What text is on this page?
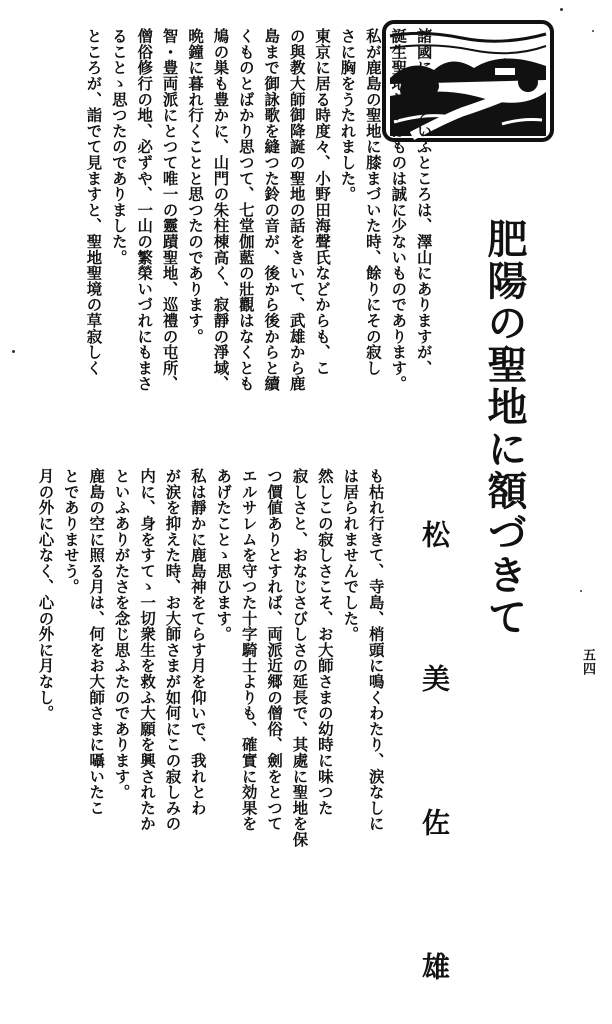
肥陽の聖地に額づきて
松　美　佐　雄	五四
諸國に靈場といふところは、澤山にありますが、
誕生聖地といふものは誠に少ないものであります。
私が鹿島の聖地に膝まづいた時、餘りにその寂し
さに胸をうたれました。
東京に居る時度々、小野田海聲氏などからも、こ
の與教大師御降誕の聖地の話をきいて、武雄から鹿
島まで御詠歌を縫つた鈴の音が、後から後からと續
くものとばかり思つて、七堂伽藍の壯觀はなくとも
鳩の巣も豊かに、山門の朱柱棟高く、寂靜の淨域、
晩鐘に暮れ行くことと思つたのであります。
智・豊両派にとつて唯一の靈蹟聖地、巡禮の屯所、
僧俗修行の地、必ずや、一山の繁榮いづれにもまさ
ることゝ思つたのでありました。
ところが、詣でて見ますと、聖地聖境の草寂しく
も枯れ行きて、寺島、梢頭に鳴くわたり、涙なしに
は居られませんでした。
然しこの寂しさこそ、お大師さまの幼時に味つた
寂しさと、おなじさびしさの延長で、其處に聖地を保
つ價値ありとすれば、両派近郷の僧俗、劍をとつて
エルサレムを守つた十字騎士よりも、確實に効果を
あげたことゝ思ひます。
私は靜かに鹿島神をてらす月を仰いで、我れとわ
が涙を抑えた時、お大師さまが如何にこの寂しみの
内に、身をすてゝ一切衆生を救ふ大願を興されたか
といふありがたさを念じ思ふたのであります。
鹿島の空に照る月は、何をお大師さまに囁いたこ
とでありませう。
月の外に心なく、心の外に月なし。
